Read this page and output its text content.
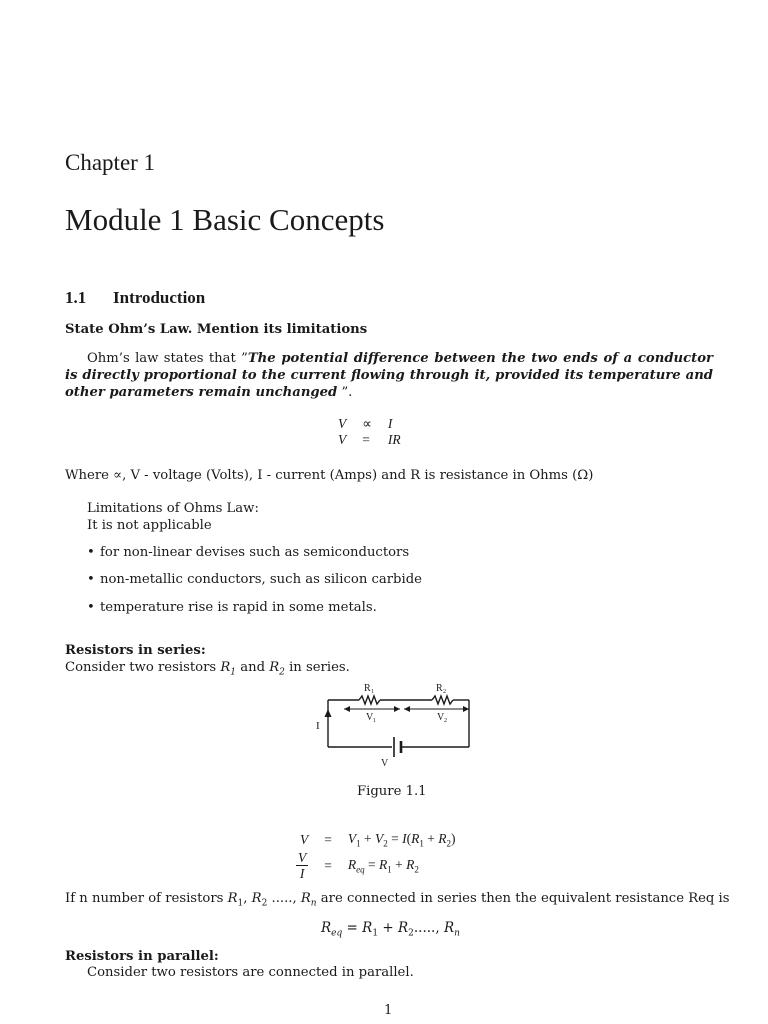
Chapter 1
Module 1 Basic Concepts
1.1 Introduction
State Ohm’s Law. Mention its limitations
Ohm’s law states that ”The potential difference between the two ends of a conductor is directly proportional to the current flowing through it, provided its temperature and other parameters remain unchanged ”.
V	∝	I
V	=	IR
Where ∝, V - voltage (Volts), I - current (Amps) and R is resistance in Ohms (Ω)
Limitations of Ohms Law:
It is not applicable
• for non-linear devises such as semiconductors
• non-metallic conductors, such as silicon carbide
• temperature rise is rapid in some metals.
Resistors in series:
Consider two resistors $R_1$ and $R_2$ in series.
R 1	R 2
V 1	V 2
I
V
Figure 1.1
V	=	$V_1 + V_2 = I(R_1 + R_2)$

$\frac{V}{I}$	=	$R_{eq} = R_1 + R_2$
If n number of resistors $R_1$, $R_2$ ....., $R_n$ are connected in series then the equivalent resistance Req is
$R_{eq} = R_1 + R_2$....., $R_n$
Resistors in parallel:
Consider two resistors are connected in parallel.
1
